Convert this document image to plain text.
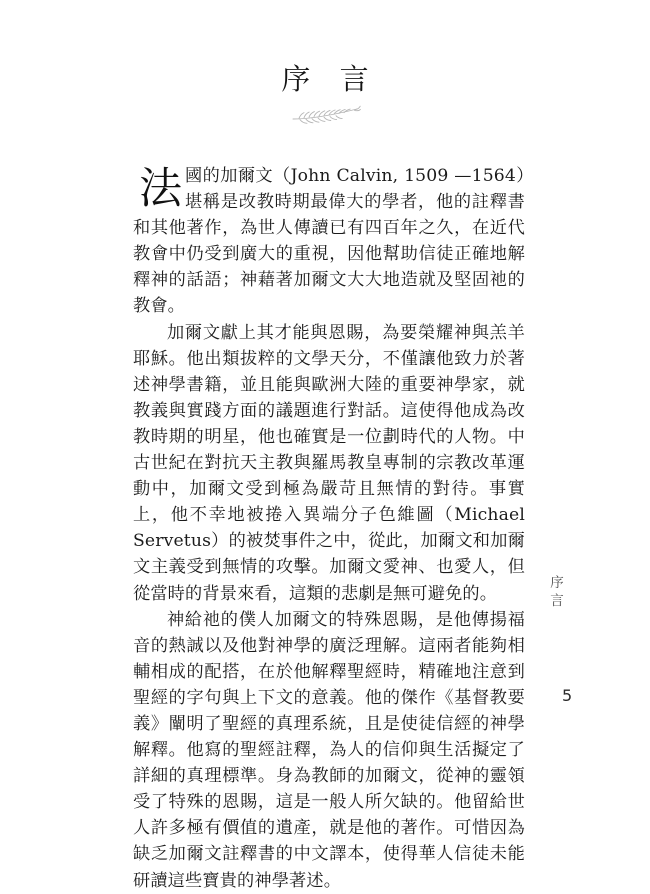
序 言

法國的加爾文（John Calvin, 1509 —1564）堪稱是改教時期最偉大的學者，他的註釋書和其他著作，為世人傳讀已有四百年之久，在近代教會中仍受到廣大的重視，因他幫助信徒正確地解釋神的話語；神藉著加爾文大大地造就及堅固祂的教會。

加爾文獻上其才能與恩賜，為要榮耀神與羔羊耶穌。他出類拔粹的文學天分，不僅讓他致力於著述神學書籍，並且能與歐洲大陸的重要神學家，就教義與實踐方面的議題進行對話。這使得他成為改教時期的明星，他也確實是一位劃時代的人物。中古世紀在對抗天主教與羅馬教皇專制的宗教改革運動中，加爾文受到極為嚴苛且無情的對待。事實上，他不幸地被捲入異端分子色維圖（Michael Servetus）的被焚事件之中，從此，加爾文和加爾文主義受到無情的攻擊。加爾文愛神、也愛人，但從當時的背景來看，這類的悲劇是無可避免的。

神給祂的僕人加爾文的特殊恩賜，是他傳揚福音的熱誠以及他對神學的廣泛理解。這兩者能夠相輔相成的配搭，在於他解釋聖經時，精確地注意到聖經的字句與上下文的意義。他的傑作《基督教要義》闡明了聖經的真理系統，且是使徒信經的神學解釋。他寫的聖經註釋，為人的信仰與生活擬定了詳細的真理標準。身為教師的加爾文，從神的靈領受了特殊的恩賜，這是一般人所欠缺的。他留給世人許多極有價值的遺產，就是他的著作。可惜因為缺乏加爾文註釋書的中文譯本，使得華人信徒未能研讀這些寶貴的神學著述。

序
言
5
